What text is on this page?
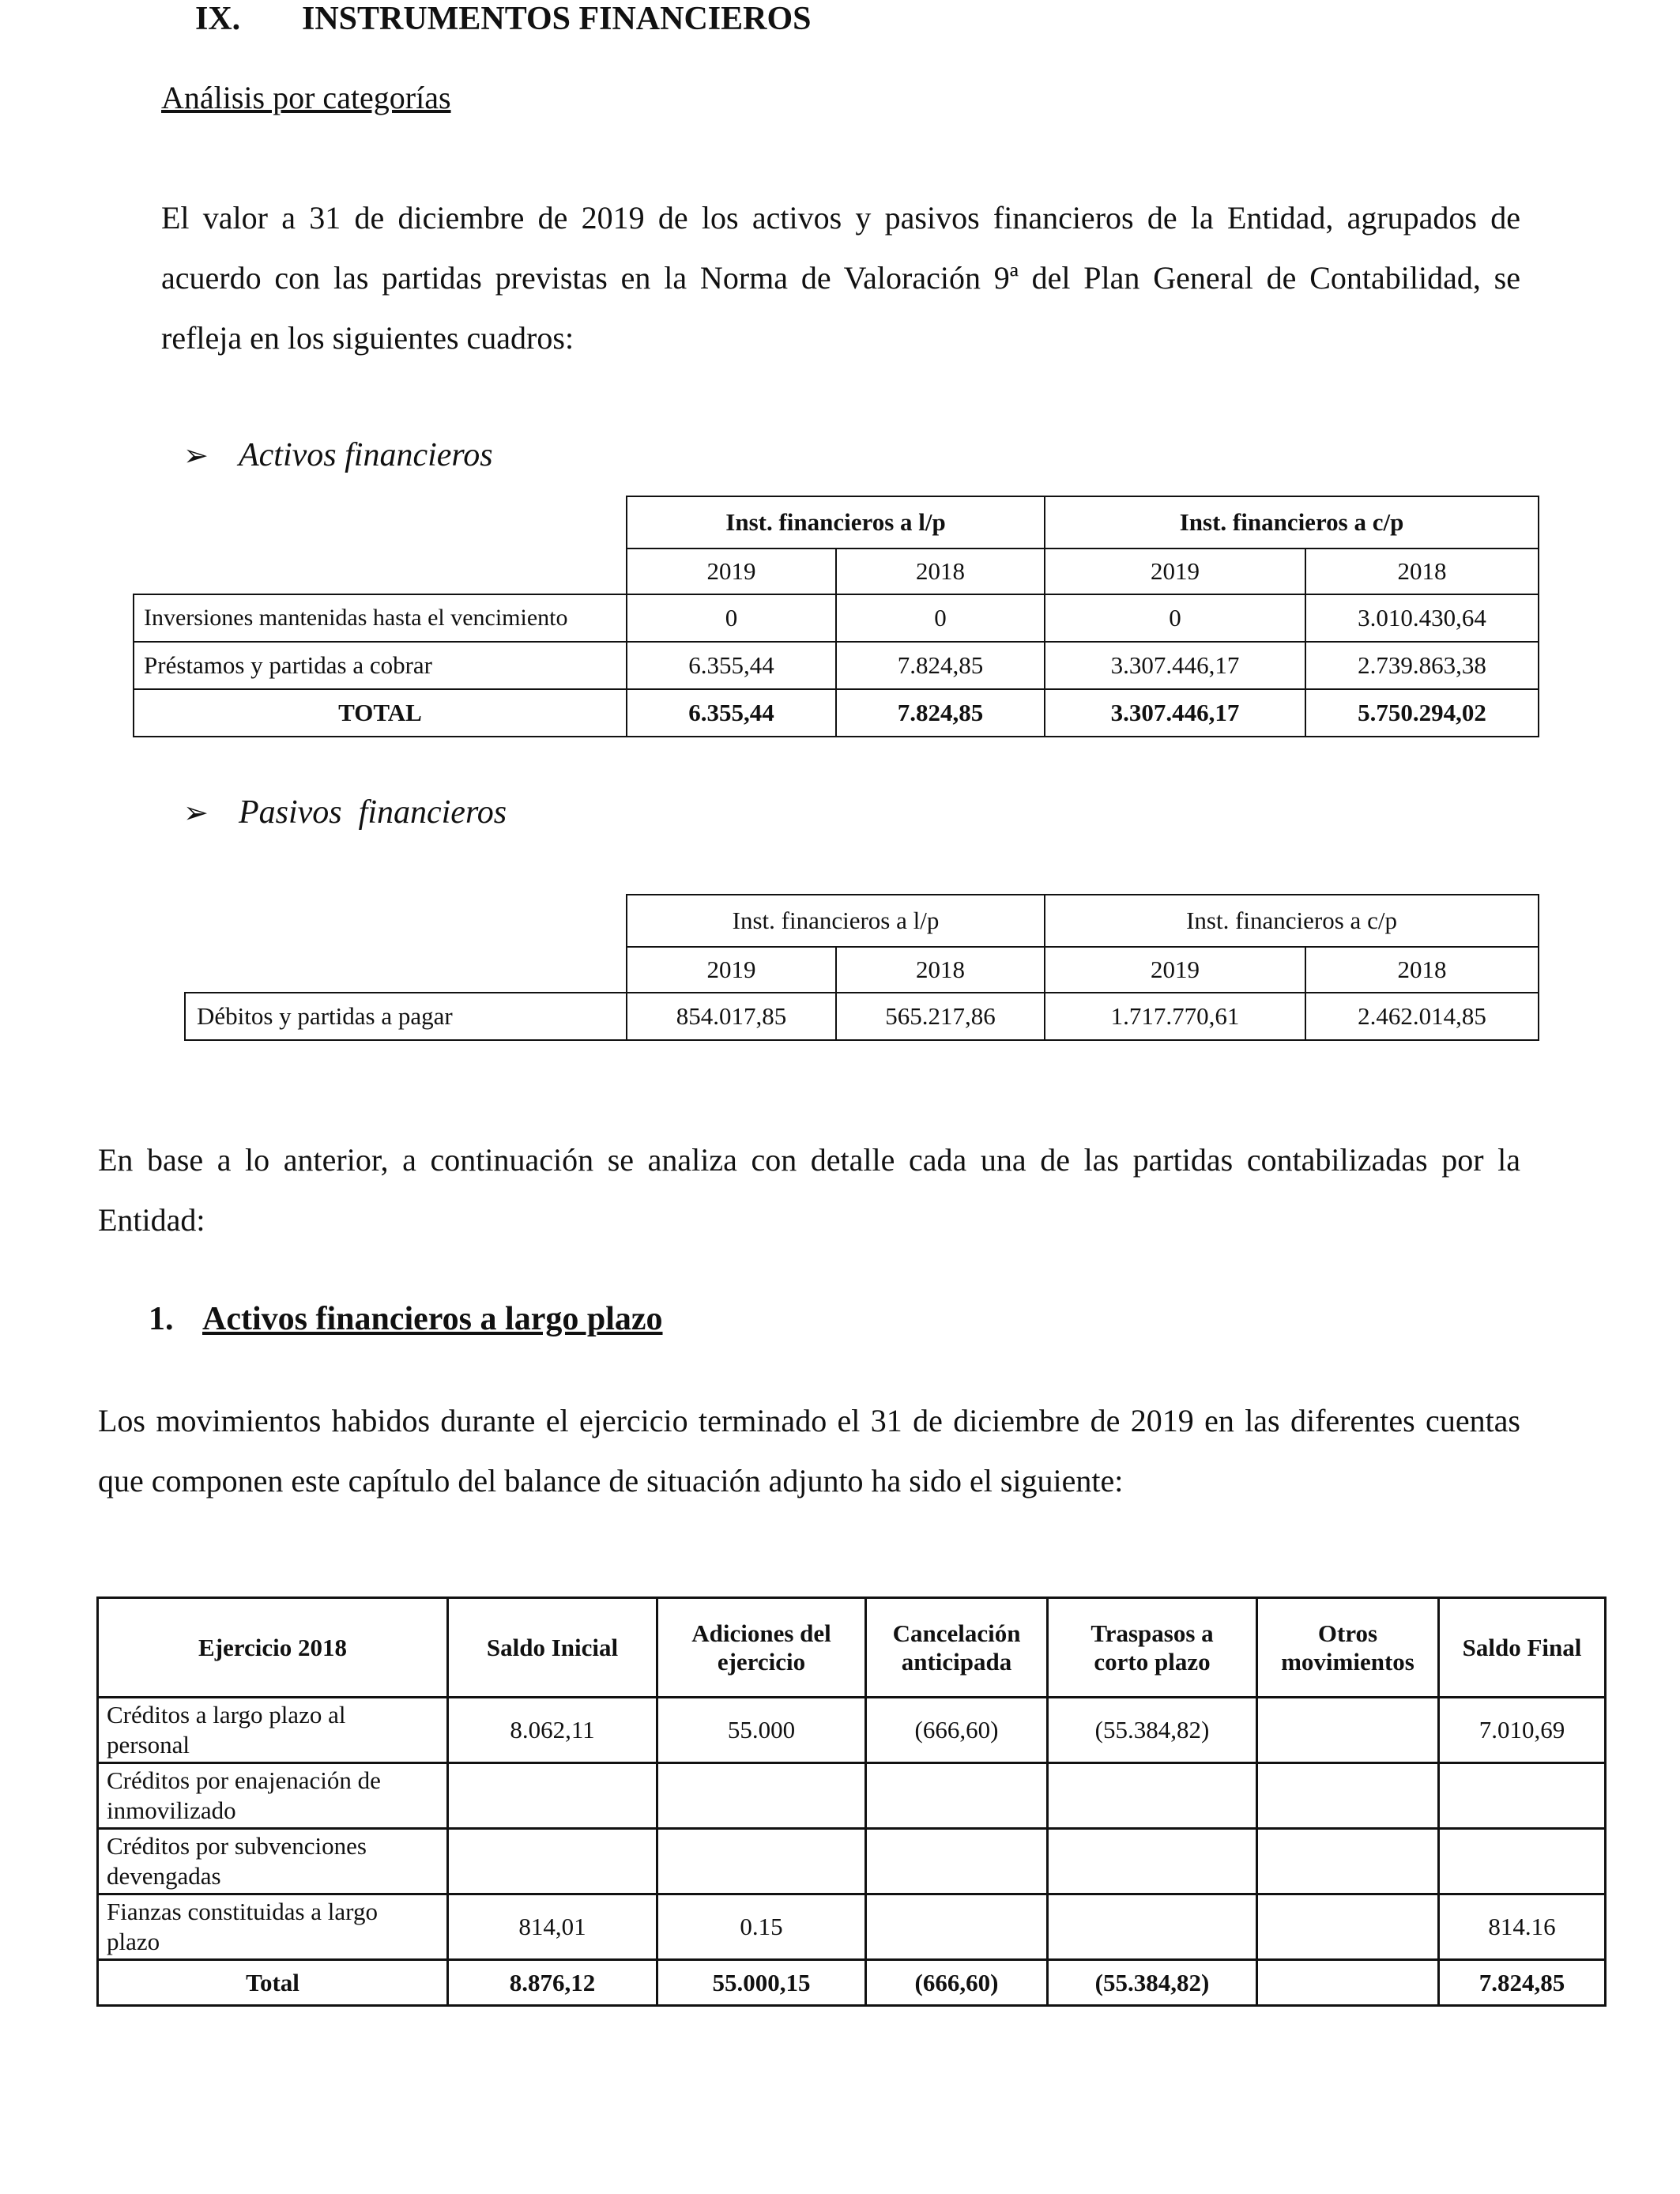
IX. INSTRUMENTOS FINANCIEROS
Análisis por categorías
El valor a 31 de diciembre de 2019 de los activos y pasivos financieros de la Entidad, agrupados de acuerdo con las partidas previstas en la Norma de Valoración 9ª del Plan General de Contabilidad, se refleja en los siguientes cuadros:
➢ Activos financieros
	Inst. financieros a l/p		Inst. financieros a c/p	
	2019	2018	2019	2018
Inversiones mantenidas hasta el vencimiento	0	0	0	3.010.430,64
Préstamos y partidas a cobrar	6.355,44	7.824,85	3.307.446,17	2.739.863,38
TOTAL	6.355,44	7.824,85	3.307.446,17	5.750.294,02
➢ Pasivos  financieros
	Inst. financieros a l/p		Inst. financieros a c/p	
	2019	2018	2019	2018
Débitos y partidas a pagar	854.017,85	565.217,86	1.717.770,61	2.462.014,85
En base a lo anterior, a continuación se analiza con detalle cada una de las partidas contabilizadas por la Entidad:
1. Activos financieros a largo plazo
Los movimientos habidos durante el ejercicio terminado el 31 de diciembre de 2019 en las diferentes cuentas que componen este capítulo del balance de situación adjunto ha sido el siguiente:
Ejercicio 2018	Saldo Inicial	Adiciones del ejercicio	Cancelación anticipada	Traspasos a corto plazo	Otros movimientos	Saldo Final
Créditos a largo plazo al personal	8.062,11	55.000	(666,60)	(55.384,82)		7.010,69
Créditos por enajenación de inmovilizado						
Créditos por subvenciones devengadas						
Fianzas constituidas a largo plazo	814,01	0.15				814.16
Total	8.876,12	55.000,15	(666,60)	(55.384,82)		7.824,85
